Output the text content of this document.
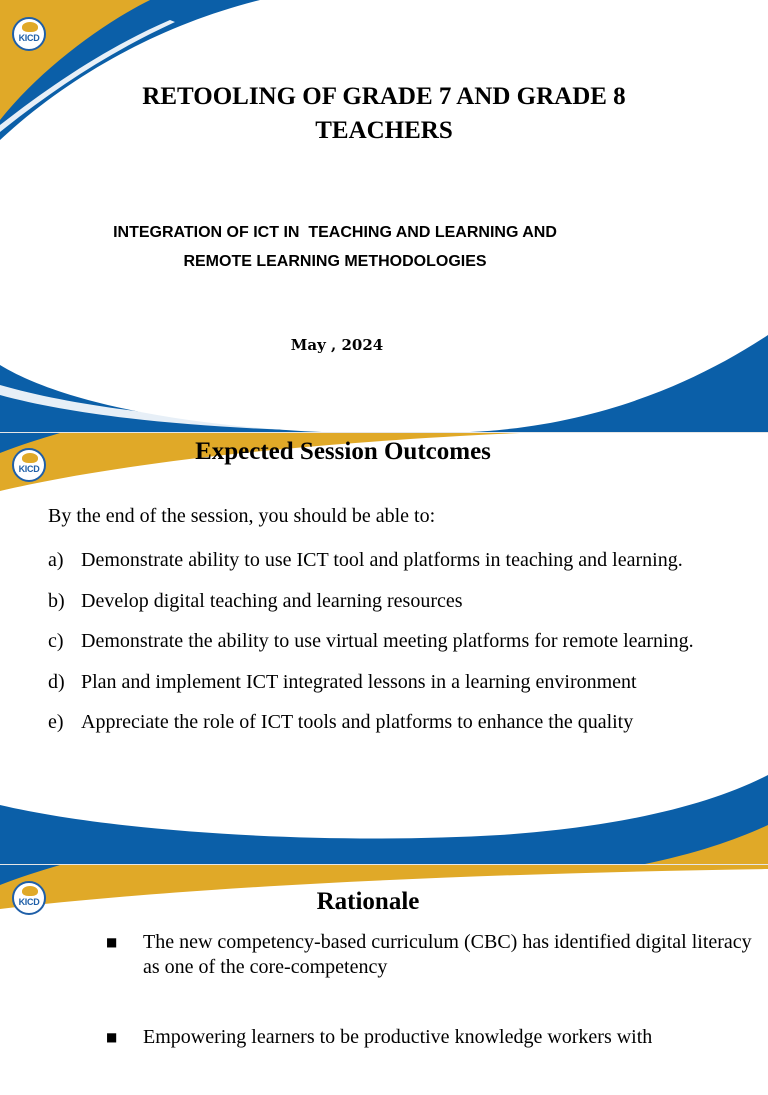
KICD
RETOOLING OF GRADE 7 AND GRADE 8
TEACHERS
INTEGRATION OF ICT IN  TEACHING AND LEARNING AND
REMOTE LEARNING METHODOLOGIES
May , 2024
KICD
Expected Session Outcomes
By the end of the session, you should be able to:
a) Demonstrate ability to use ICT tool and platforms in teaching and learning.
b) Develop digital teaching and learning resources
c) Demonstrate the ability to use virtual meeting platforms for remote learning.
d) Plan and implement ICT integrated lessons in a learning environment
e) Appreciate the role of ICT tools and platforms to enhance the quality
KICD	Rationale
■	The new competency-based curriculum (CBC) has identified digital literacy as one of the core-competency
■	Empowering learners to be productive knowledge workers with
